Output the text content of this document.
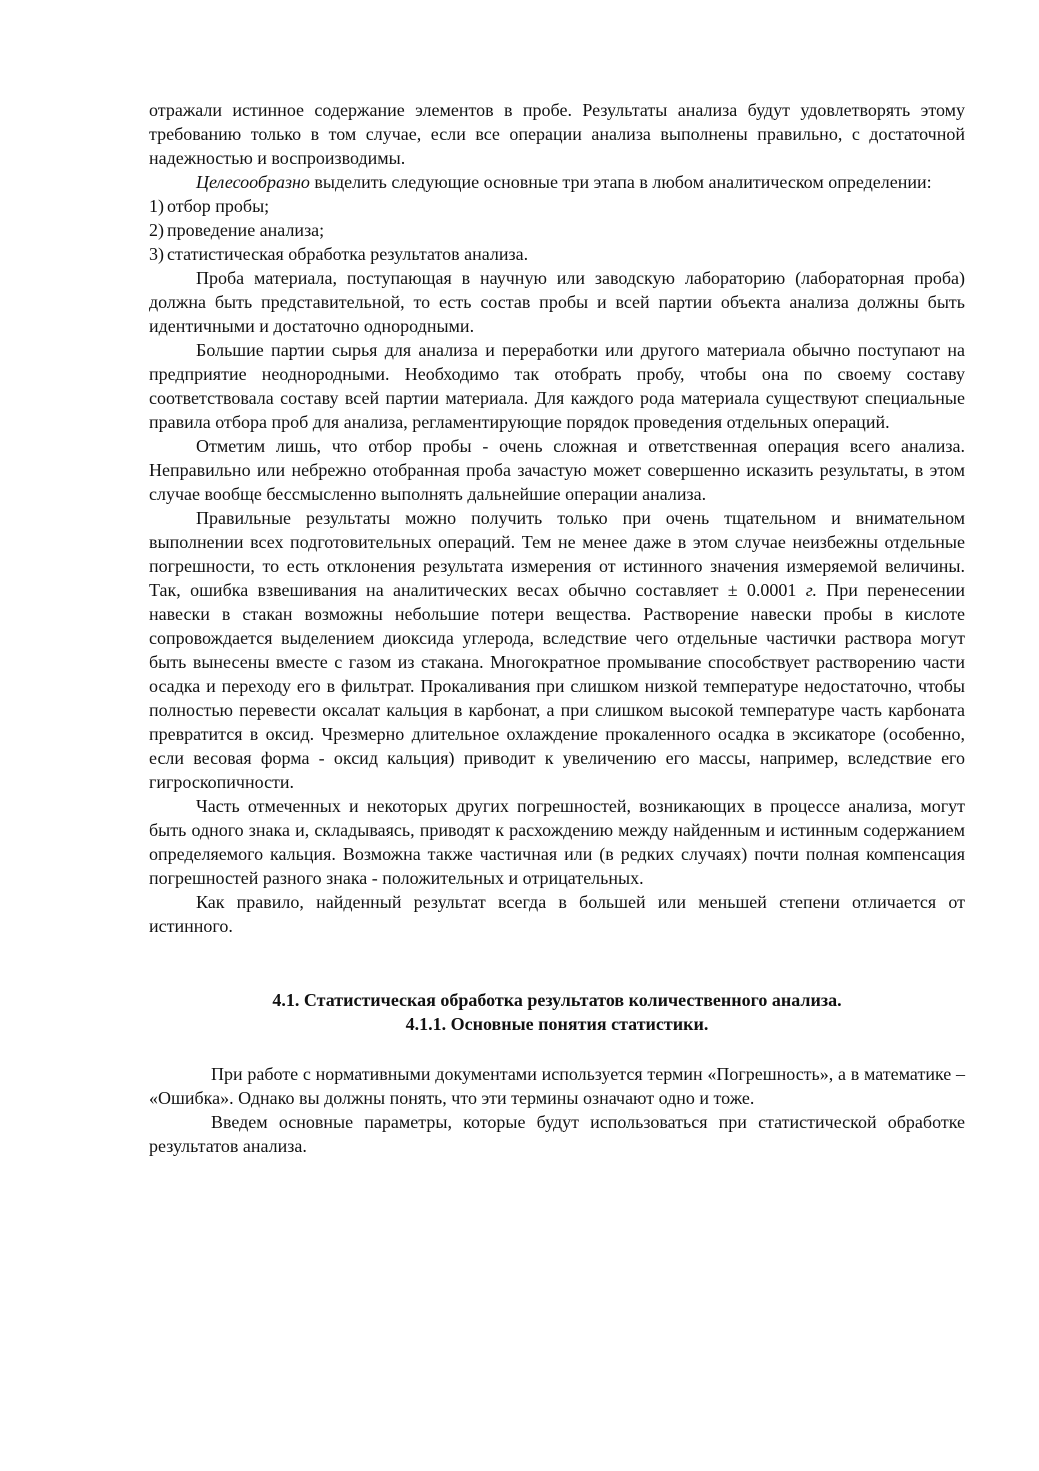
отражали истинное содержание элементов в пробе. Результаты анализа будут удовлетворять этому требованию только в том случае, если все операции анализа выполнены правильно, с достаточной надежностью и воспроизводимы.

Целесообразно выделить следующие основные три этапа в любом аналитическом определении:

1) отбор пробы;
2) проведение анализа;
3) статистическая обработка результатов анализа.

Проба материала, поступающая в научную или заводскую лабораторию (лабораторная проба) должна быть представительной, то есть состав пробы и всей партии объекта анализа должны быть идентичными и достаточно однородными.

Большие партии сырья для анализа и переработки или другого материала обычно поступают на предприятие неоднородными. Необходимо так отобрать пробу, чтобы она по своему составу соответствовала составу всей партии материала. Для каждого рода материала существуют специальные правила отбора проб для анализа, регламентирующие порядок проведения отдельных операций.

Отметим лишь, что отбор пробы - очень сложная и ответственная операция всего анализа. Неправильно или небрежно отобранная проба зачастую может совершенно исказить результаты, в этом случае вообще бессмысленно выполнять дальнейшие операции анализа.

Правильные результаты можно получить только при очень тщательном и внимательном выполнении всех подготовительных операций. Тем не менее даже в этом случае неизбежны отдельные погрешности, то есть отклонения результата измерения от истинного значения измеряемой величины. Так, ошибка взвешивания на аналитических весах обычно составляет ± 0.0001 г. При перенесении навески в стакан возможны небольшие потери вещества. Растворение навески пробы в кислоте сопровождается выделением диоксида углерода, вследствие чего отдельные частички раствора могут быть вынесены вместе с газом из стакана. Многократное промывание способствует растворению части осадка и переходу его в фильтрат. Прокаливания при слишком низкой температуре недостаточно, чтобы полностью перевести оксалат кальция в карбонат, а при слишком высокой температуре часть карбоната превратится в оксид. Чрезмерно длительное охлаждение прокаленного осадка в эксикаторе (особенно, если весовая форма - оксид кальция) приводит к увеличению его массы, например, вследствие его гигроскопичности.

Часть отмеченных и некоторых других погрешностей, возникающих в процессе анализа, могут быть одного знака и, складываясь, приводят к расхождению между найденным и истинным содержанием определяемого кальция. Возможна также частичная или (в редких случаях) почти полная компенсация погрешностей разного знака - положительных и отрицательных.

Как правило, найденный результат всегда в большей или меньшей степени отличается от истинного.

4.1. Статистическая обработка результатов количественного анализа.
4.1.1. Основные понятия статистики.

При работе с нормативными документами используется термин «Погрешность», а в математике – «Ошибка». Однако вы должны понять, что эти термины означают одно и тоже.

Введем основные параметры, которые будут использоваться при статистической обработке результатов анализа.
